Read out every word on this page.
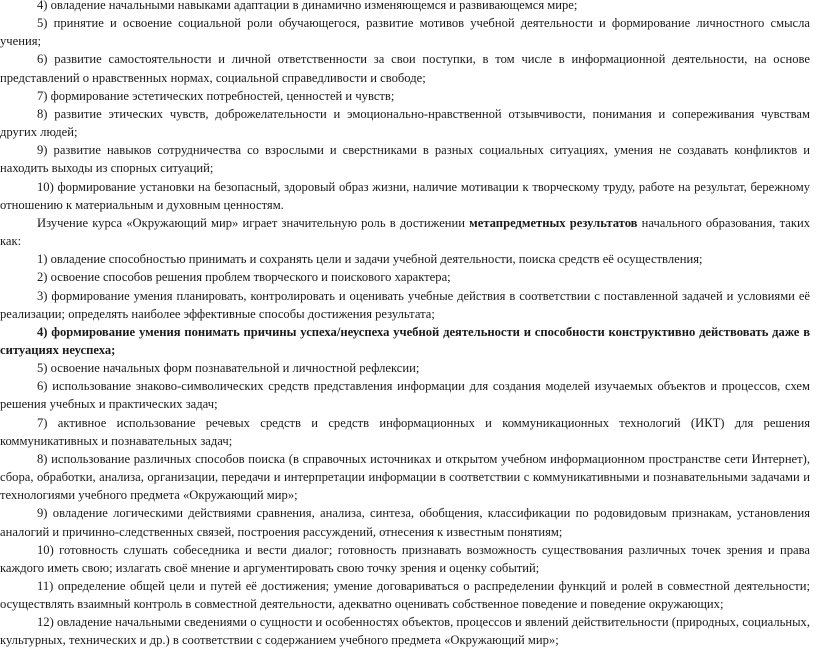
4) овладение начальными навыками адаптации в динамично изменяющемся и развивающемся мире;

5) принятие и освоение социальной роли обучающегося, развитие мотивов учебной деятельности и формирование личностного смысла учения;

6) развитие самостоятельности и личной ответственности за свои поступки, в том числе в информационной деятельности, на основе представлений о нравственных нормах, социальной справедливости и свободе;

7) формирование эстетических потребностей, ценностей и чувств;

8) развитие этических чувств, доброжелательности и эмоционально-нравственной отзывчивости, понимания и сопереживания чувствам других людей;

9) развитие навыков сотрудничества со взрослыми и сверстниками в разных социальных ситуациях, умения не создавать конфликтов и находить выходы из спорных ситуаций;

10) формирование установки на безопасный, здоровый образ жизни, наличие мотивации к творческому труду, работе на результат, бережному отношению к материальным и духовным ценностям.

Изучение курса «Окружающий мир» играет значительную роль в достижении метапредметных результатов начального образования, таких как:

1) овладение способностью принимать и сохранять цели и задачи учебной деятельности, поиска средств её осуществления;

2) освоение способов решения проблем творческого и поискового характера;

3) формирование умения планировать, контролировать и оценивать учебные действия в соответствии с поставленной задачей и условиями её реализации; определять наиболее эффективные способы достижения результата;

4) формирование умения понимать причины успеха/неуспеха учебной деятельности и способности конструктивно действовать даже в ситуациях неуспеха;

5) освоение начальных форм познавательной и личностной рефлексии;

6) использование знаково-символических средств представления информации для создания моделей изучаемых объектов и процессов, схем решения учебных и практических задач;

7) активное использование речевых средств и средств информационных и коммуникационных технологий (ИКТ) для решения коммуникативных и познавательных задач;

8) использование различных способов поиска (в справочных источниках и открытом учебном информационном пространстве сети Интернет), сбора, обработки, анализа, организации, передачи и интерпретации информации в соответствии с коммуникативными и познавательными задачами и технологиями учебного предмета «Окружающий мир»;

9) овладение логическими действиями сравнения, анализа, синтеза, обобщения, классификации по родовидовым признакам, установления аналогий и причинно-следственных связей, построения рассуждений, отнесения к известным понятиям;

10) готовность слушать собеседника и вести диалог; готовность признавать возможность существования различных точек зрения и права каждого иметь свою; излагать своё мнение и аргументировать свою точку зрения и оценку событий;

11) определение общей цели и путей её достижения; умение договариваться о распределении функций и ролей в совместной деятельности; осуществлять взаимный контроль в совместной деятельности, адекватно оценивать собственное поведение и поведение окружающих;

12) овладение начальными сведениями о сущности и особенностях объектов, процессов и явлений действительности (природных, социальных, культурных, технических и др.) в соответствии с содержанием учебного предмета «Окружающий мир»;
